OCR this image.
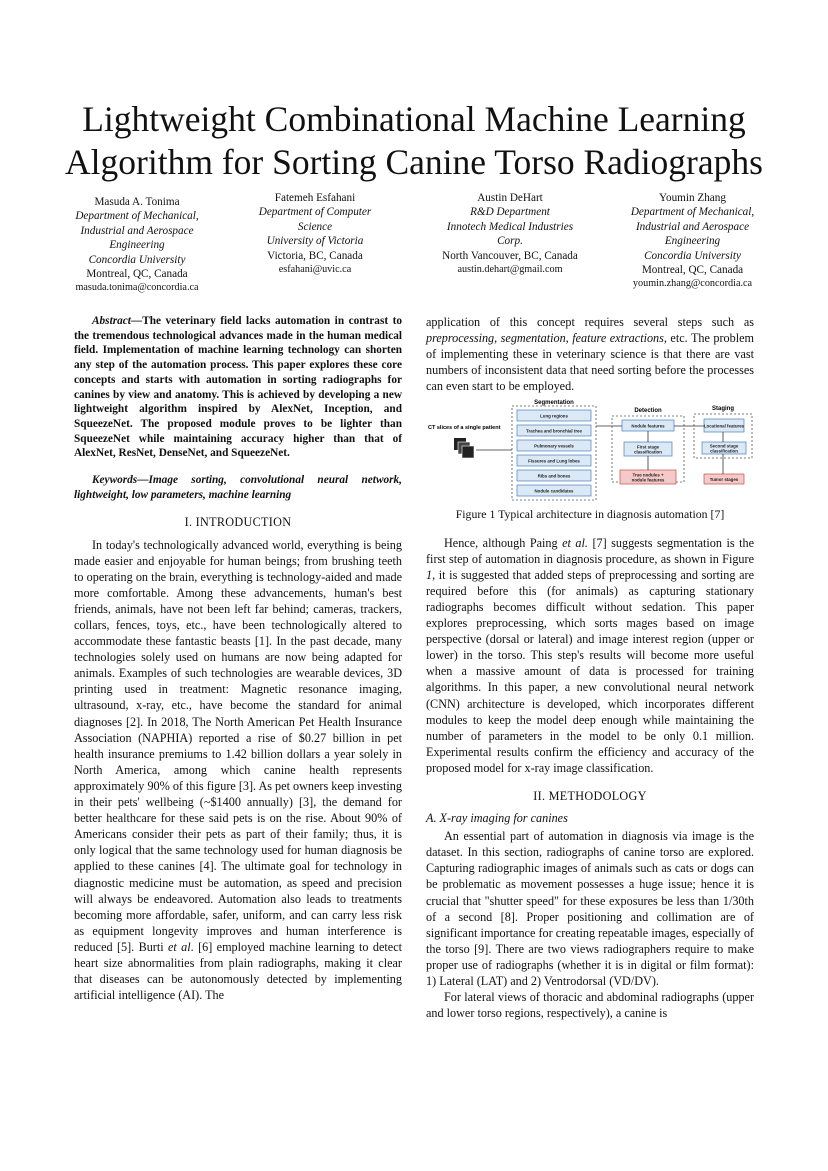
Lightweight Combinational Machine Learning
Algorithm for Sorting Canine Torso Radiographs
Masuda A. Tonima
Department of Mechanical, Industrial and Aerospace Engineering
Concordia University
Montreal, QC, Canada
masuda.tonima@concordia.ca
Fatemeh Esfahani
Department of Computer Science
University of Victoria
Victoria, BC, Canada
esfahani@uvic.ca
Austin DeHart
R&D Department
Innotech Medical Industries Corp.
North Vancouver, BC, Canada
austin.dehart@gmail.com
Youmin Zhang
Department of Mechanical, Industrial and Aerospace Engineering
Concordia University
Montreal, QC, Canada
youmin.zhang@concordia.ca

Abstract—The veterinary field lacks automation in contrast to the tremendous technological advances made in the human medical field. Implementation of machine learning technology can shorten any step of the automation process. This paper explores these core concepts and starts with automation in sorting radiographs for canines by view and anatomy. This is achieved by developing a new lightweight algorithm inspired by AlexNet, Inception, and SqueezeNet. The proposed module proves to be lighter than SqueezeNet while maintaining accuracy higher than that of AlexNet, ResNet, DenseNet, and SqueezeNet.

Keywords—Image sorting, convolutional neural network, lightweight, low parameters, machine learning

I. INTRODUCTION

In today's technologically advanced world, everything is being made easier and enjoyable for human beings; from brushing teeth to operating on the brain, everything is technology-aided and made more comfortable. Among these advancements, human's best friends, animals, have not been left far behind; cameras, trackers, collars, fences, toys, etc., have been technologically altered to accommodate these fantastic beasts [1]. In the past decade, many technologies solely used on humans are now being adapted for animals. Examples of such technologies are wearable devices, 3D printing used in treatment: Magnetic resonance imaging, ultrasound, x-ray, etc., have become the standard for animal diagnoses [2]. In 2018, The North American Pet Health Insurance Association (NAPHIA) reported a rise of $0.27 billion in pet health insurance premiums to 1.42 billion dollars a year solely in North America, among which canine health represents approximately 90% of this figure [3]. As pet owners keep investing in their pets' wellbeing (~$1400 annually) [3], the demand for better healthcare for these said pets is on the rise. About 90% of Americans consider their pets as part of their family; thus, it is only logical that the same technology used for human diagnosis be applied to these canines [4]. The ultimate goal for technology in diagnostic medicine must be automation, as speed and precision will always be endeavored. Automation also leads to treatments becoming more affordable, safer, uniform, and can carry less risk as equipment longevity improves and human interference is reduced [5]. Burti et al. [6] employed machine learning to detect heart size abnormalities from plain radiographs, making it clear that diseases can be autonomously detected by implementing artificial intelligence (AI). The

application of this concept requires several steps such as preprocessing, segmentation, feature extractions, etc. The problem of implementing these in veterinary science is that there are vast numbers of inconsistent data that need sorting before the processes can even start to be employed.

Segmentation
CT slices of a single patient
Lung regions
Trachea and bronchial tree
Pulmonary vessels
Fissures and Lung lobes
Ribs and bones
Nodule candidates
Detection
Nodule features
First stage
classification
True nodules +
nodule features
Staging
Locational features
Second stage
classification
Tumor stages

Figure 1 Typical architecture in diagnosis automation [7]

Hence, although Paing et al. [7] suggests segmentation is the first step of automation in diagnosis procedure, as shown in Figure 1, it is suggested that added steps of preprocessing and sorting are required before this (for animals) as capturing stationary radiographs becomes difficult without sedation. This paper explores preprocessing, which sorts mages based on image perspective (dorsal or lateral) and image interest region (upper or lower) in the torso. This step's results will become more useful when a massive amount of data is processed for training algorithms. In this paper, a new convolutional neural network (CNN) architecture is developed, which incorporates different modules to keep the model deep enough while maintaining the number of parameters in the model to be only 0.1 million. Experimental results confirm the efficiency and accuracy of the proposed model for x-ray image classification.

II. METHODOLOGY

A. X-ray imaging for canines

An essential part of automation in diagnosis via image is the dataset. In this section, radiographs of canine torso are explored. Capturing radiographic images of animals such as cats or dogs can be problematic as movement possesses a huge issue; hence it is crucial that "shutter speed" for these exposures be less than 1/30th of a second [8]. Proper positioning and collimation are of significant importance for creating repeatable images, especially of the torso [9]. There are two views radiographers require to make proper use of radiographs (whether it is in digital or film format): 1) Lateral (LAT) and 2) Ventrodorsal (VD/DV).

For lateral views of thoracic and abdominal radiographs (upper and lower torso regions, respectively), a canine is
